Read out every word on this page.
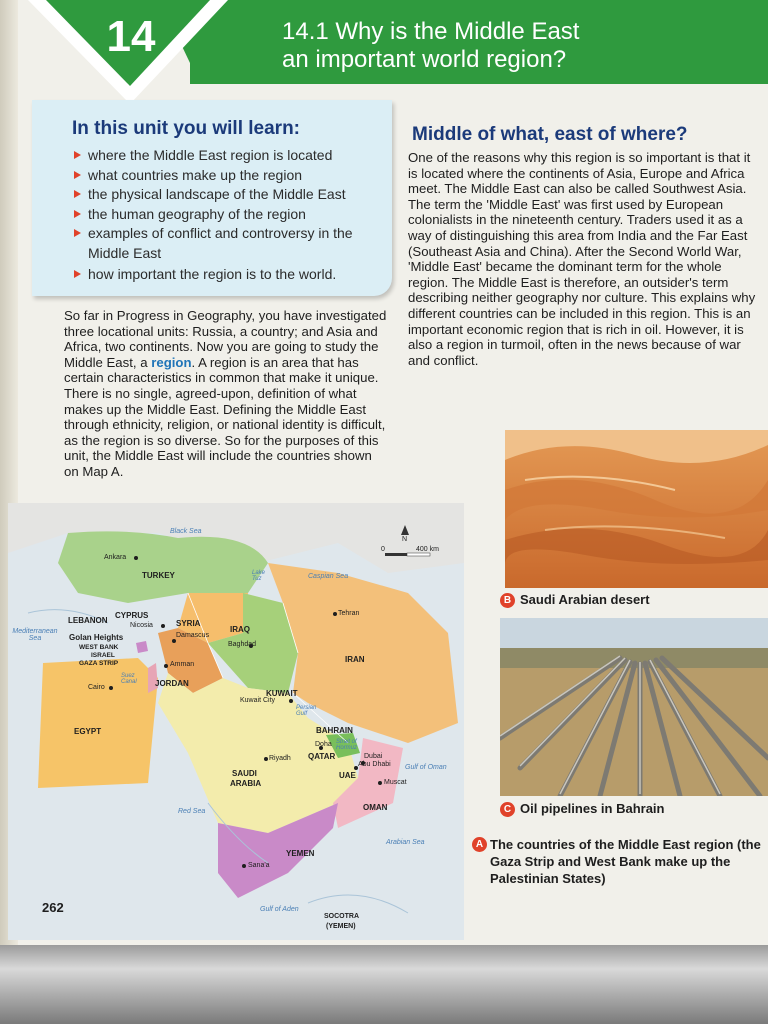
14	14.1 Why is the Middle East
an important world region?
In this unit you will learn:
where the Middle East region is located
what countries make up the region
the physical landscape of the Middle East
the human geography of the region
examples of conflict and controversy in the Middle East
how important the region is to the world.
So far in Progress in Geography, you have investigated three locational units: Russia, a country; and Asia and Africa, two continents. Now you are going to study the Middle East, a region. A region is an area that has certain characteristics in common that make it unique. There is no single, agreed-upon, definition of what makes up the Middle East. Defining the Middle East through ethnicity, religion, or national identity is difficult, as the region is so diverse. So for the purposes of this unit, the Middle East will include the countries shown on Map A.
Middle of what, east of where?
One of the reasons why this region is so important is that it is located where the continents of Asia, Europe and Africa meet. The Middle East can also be called Southwest Asia. The term the 'Middle East' was first used by European colonialists in the nineteenth century. Traders used it as a way of distinguishing this area from India and the Far East (Southeast Asia and China). After the Second World War, 'Middle East' became the dominant term for the whole region. The Middle East is therefore, an outsider's term describing neither geography nor culture. This explains why different countries can be included in this region. This is an important economic region that is rich in oil. However, it is also a region in turmoil, often in the news because of war and conflict.
B Saudi Arabian desert
C Oil pipelines in Bahrain
A The countries of the Middle East region (the Gaza Strip and West Bank make up the Palestinian States)
Black Sea
Caspian Sea
Mediterranean Sea
Red Sea
Arabian Sea
Gulf of Aden
Gulf of Oman
Persian Gulf
Strait of Hormuz
Suez Canal
Lake Tuz
TURKEY
SYRIA
IRAQ
IRAN
LEBANON
CYPRUS
Golan Heights
WEST BANK
ISRAEL
GAZA STRIP
JORDAN
EGYPT
KUWAIT
BAHRAIN
QATAR
UAE
OMAN
YEMEN
SAUDI
ARABIA
SOCOTRA
(YEMEN)
Ankara
Nicosia
Damascus
Baghdad
Tehran
Amman
Cairo
Kuwait City
Riyadh
Doha
Dubai
Abu Dhabi
Muscat
Sana'a
0	400 km
N
262
